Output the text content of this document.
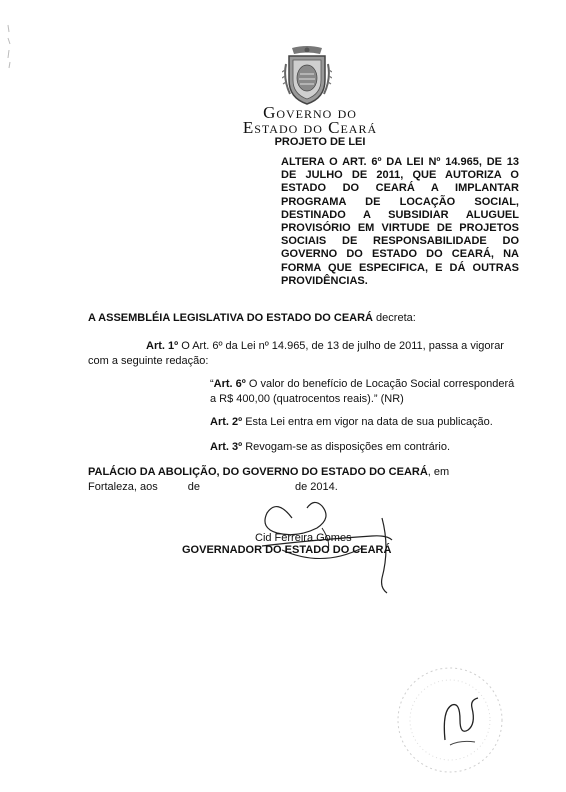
Governo do
Estado do Ceará
PROJETO DE LEI

ALTERA O ART. 6º DA LEI Nº 14.965, DE 13 DE JULHO DE 2011, QUE AUTORIZA O ESTADO DO CEARÁ A IMPLANTAR PROGRAMA DE LOCAÇÃO SOCIAL, DESTINADO A SUBSIDIAR ALUGUEL PROVISÓRIO EM VIRTUDE DE PROJETOS SOCIAIS DE RESPONSABILIDADE DO GOVERNO DO ESTADO DO CEARÁ, NA FORMA QUE ESPECIFICA, E DÁ OUTRAS PROVIDÊNCIAS.

A ASSEMBLÉIA LEGISLATIVA DO ESTADO DO CEARÁ decreta:

Art. 1º O Art. 6º da Lei nº 14.965, de 13 de julho de 2011, passa a vigorar com a seguinte redação:

“Art. 6º O valor do benefício de Locação Social corresponderá a R$ 400,00 (quatrocentos reais).” (NR)

Art. 2º Esta Lei entra em vigor na data de sua publicação.
Art. 3º Revogam-se as disposições em contrário.

PALÁCIO DA ABOLIÇÃO, DO GOVERNO DO ESTADO DO CEARÁ, em
Fortaleza, aos	de	de 2014.

Cid Ferreira Gomes
GOVERNADOR DO ESTADO DO CEARÁ
